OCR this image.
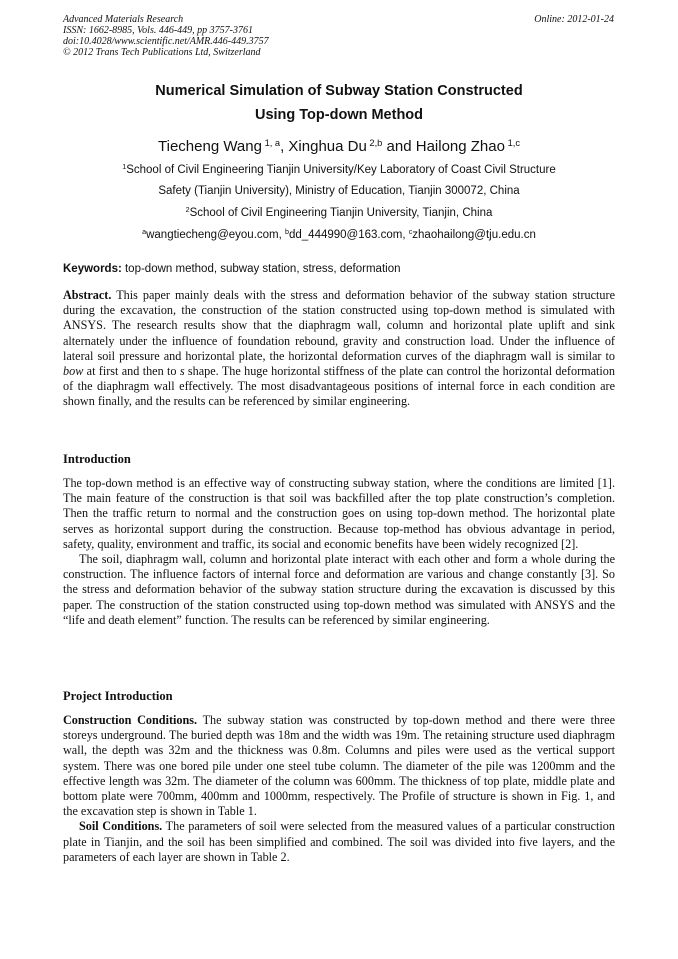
Advanced Materials Research
ISSN: 1662-8985, Vols. 446-449, pp 3757-3761
doi:10.4028/www.scientific.net/AMR.446-449.3757
© 2012 Trans Tech Publications Ltd, Switzerland
Online: 2012-01-24
Numerical Simulation of Subway Station Constructed
Using Top-down Method
Tiecheng Wang $^{1, a}$, Xinghua Du $^{2,b}$ and Hailong Zhao $^{1,c}$
$^1$School of Civil Engineering Tianjin University/Key Laboratory of Coast Civil Structure
Safety (Tianjin University), Ministry of Education, Tianjin 300072, China
$^2$School of Civil Engineering Tianjin University, Tianjin, China
$^a$wangtiecheng@eyou.com, $^b$dd_444990@163.com, $^c$zhaohailong@tju.edu.cn
Keywords: top-down method, subway station, stress, deformation

Abstract. This paper mainly deals with the stress and deformation behavior of the subway station structure during the excavation, the construction of the station constructed using top-down method is simulated with ANSYS. The research results show that the diaphragm wall, column and horizontal plate uplift and sink alternately under the influence of foundation rebound, gravity and construction load. Under the influence of lateral soil pressure and horizontal plate, the horizontal deformation curves of the diaphragm wall is similar to bow at first and then to s shape. The huge horizontal stiffness of the plate can control the horizontal deformation of the diaphragm wall effectively. The most disadvantageous positions of internal force in each condition are shown finally, and the results can be referenced by similar engineering.

Introduction

The top-down method is an effective way of constructing subway station, where the conditions are limited [1]. The main feature of the construction is that soil was backfilled after the top plate construction’s completion. Then the traffic return to normal and the construction goes on using top-down method. The horizontal plate serves as horizontal support during the construction. Because top-method has obvious advantage in period, safety, quality, environment and traffic, its social and economic benefits have been widely recognized [2].

The soil, diaphragm wall, column and horizontal plate interact with each other and form a whole during the construction. The influence factors of internal force and deformation are various and change constantly [3]. So the stress and deformation behavior of the subway station structure during the excavation is discussed by this paper. The construction of the station constructed using top-down method was simulated with ANSYS and the “life and death element” function. The results can be referenced by similar engineering.

Project Introduction

Construction Conditions. The subway station was constructed by top-down method and there were three storeys underground. The buried depth was 18m and the width was 19m. The retaining structure used diaphragm wall, the depth was 32m and the thickness was 0.8m. Columns and piles were used as the vertical support system. There was one bored pile under one steel tube column. The diameter of the pile was 1200mm and the effective length was 32m. The diameter of the column was 600mm. The thickness of top plate, middle plate and bottom plate were 700mm, 400mm and 1000mm, respectively. The Profile of structure is shown in Fig. 1, and the excavation step is shown in Table 1.

Soil Conditions. The parameters of soil were selected from the measured values of a particular construction plate in Tianjin, and the soil has been simplified and combined. The soil was divided into five layers, and the parameters of each layer are shown in Table 2.
